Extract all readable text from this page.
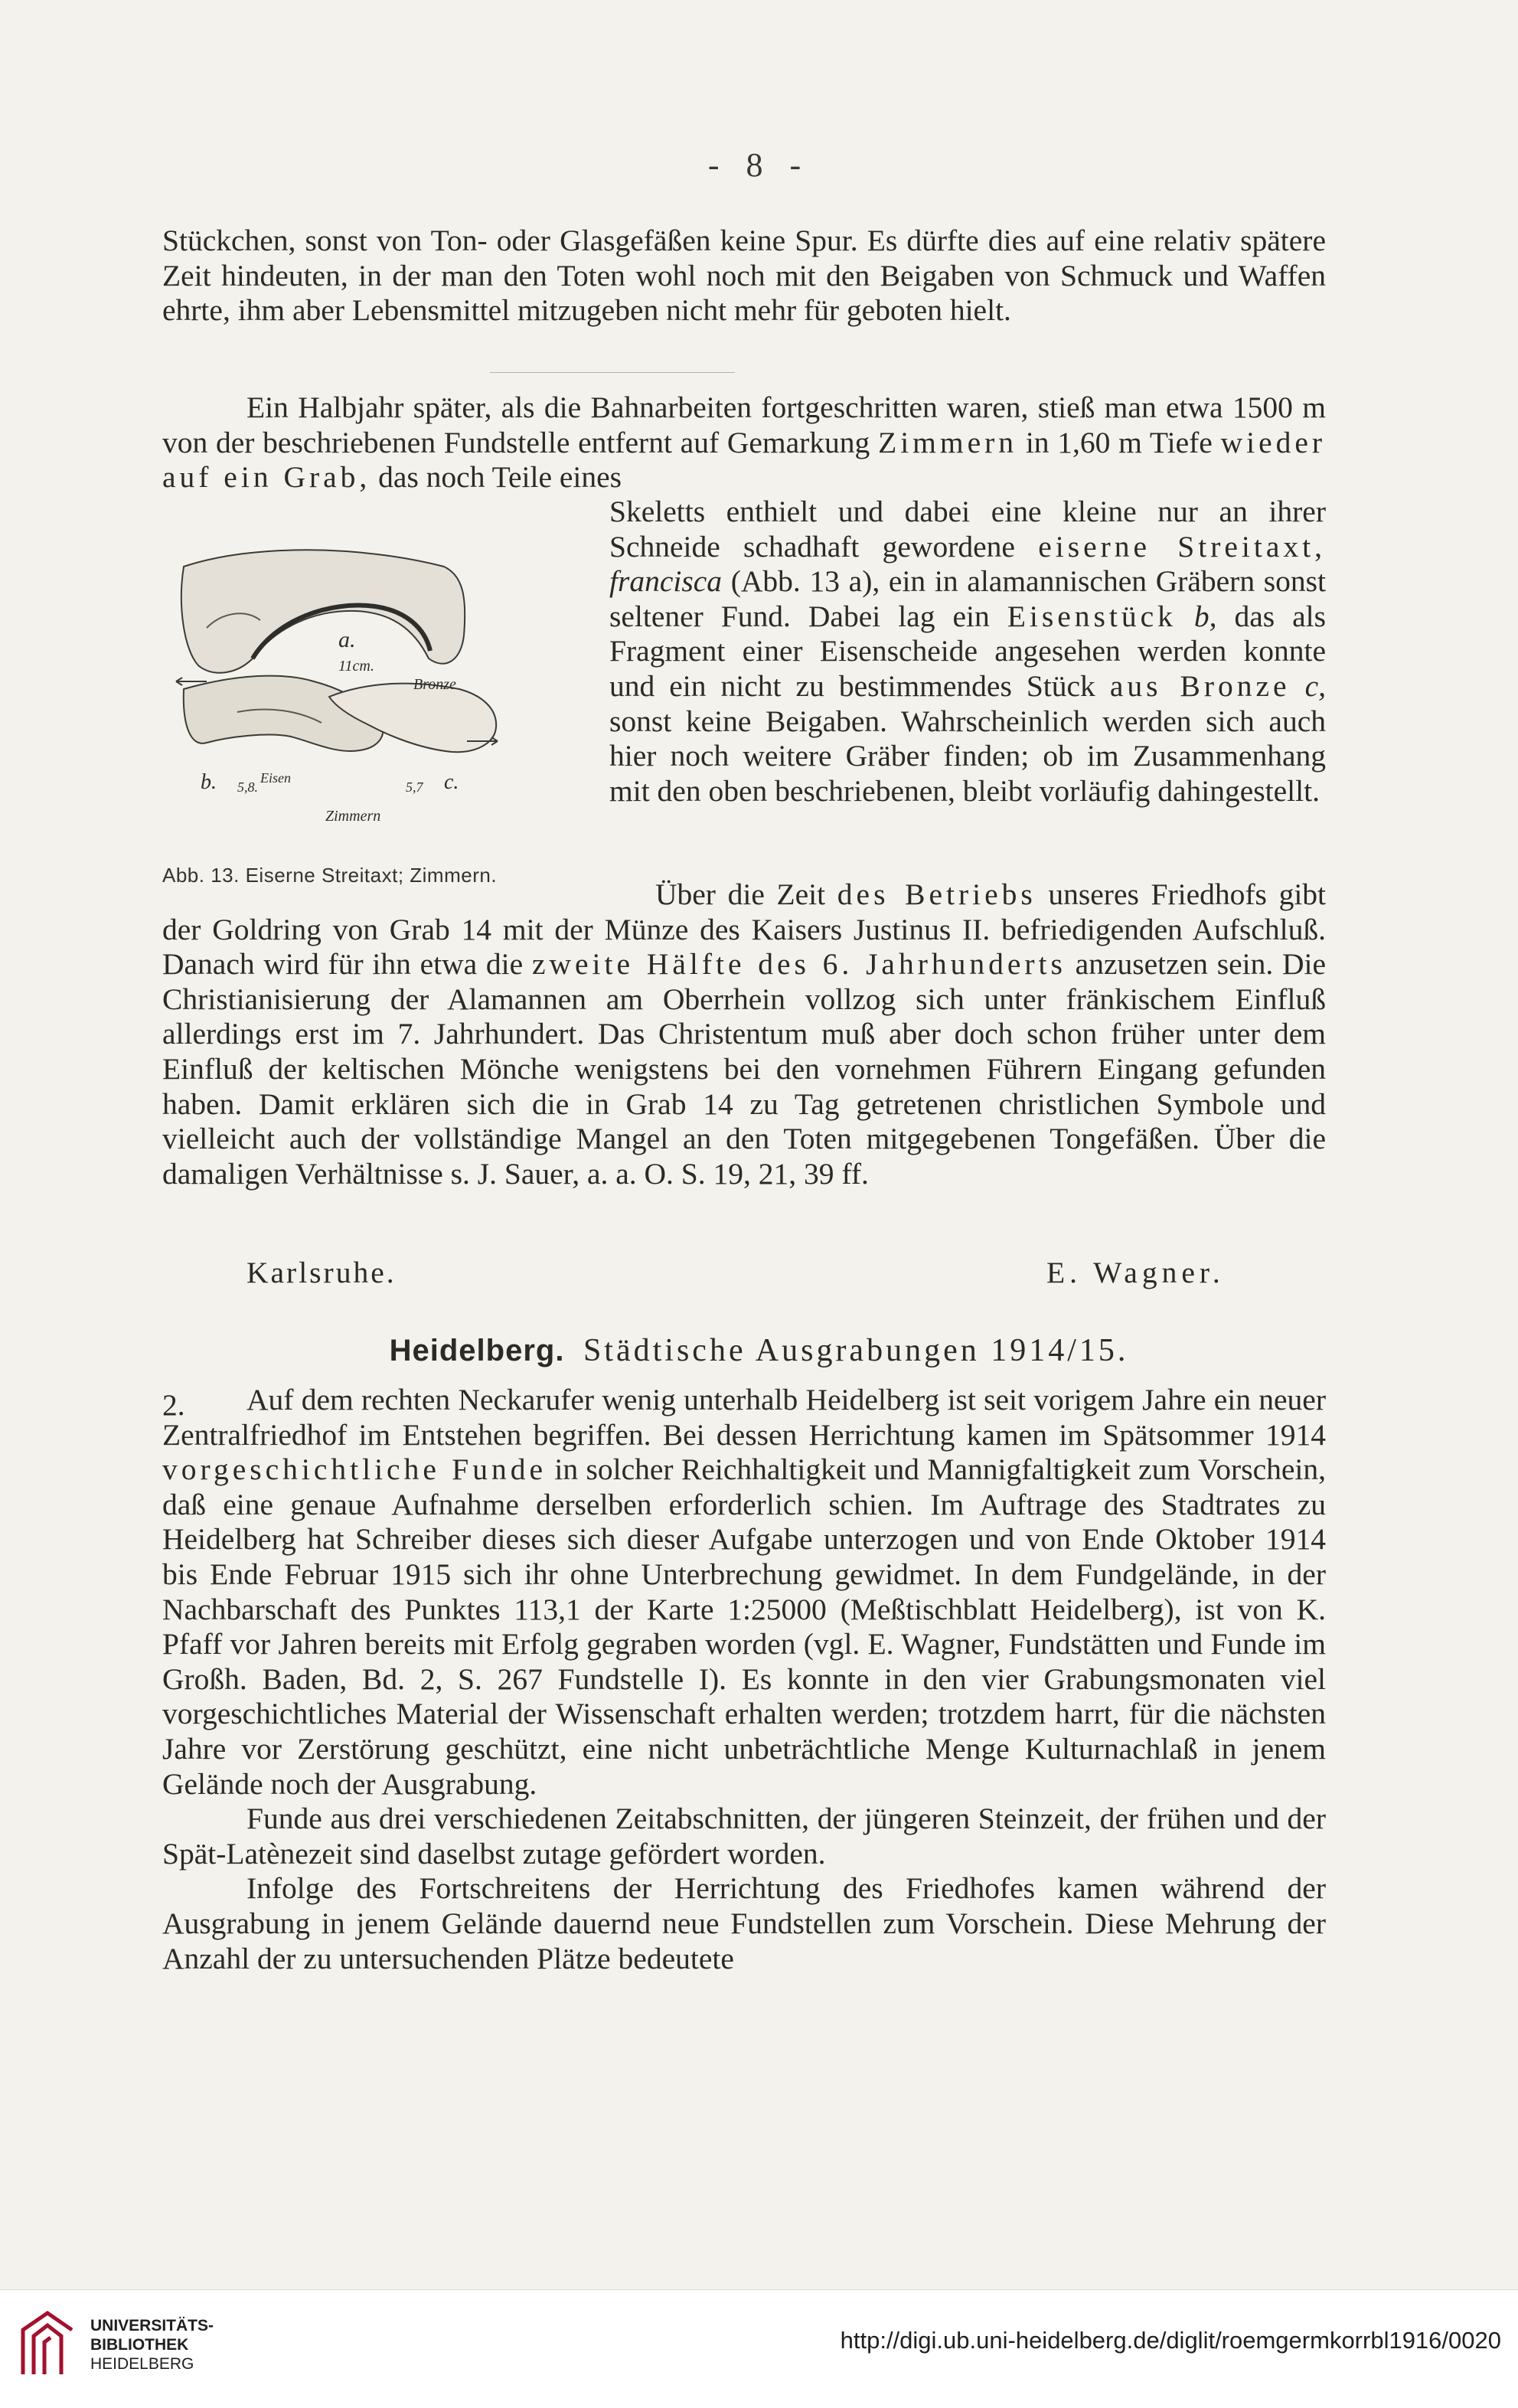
- 8 -

Stückchen, sonst von Ton- oder Glasgefäßen keine Spur. Es dürfte dies auf eine relativ spätere Zeit hindeuten, in der man den Toten wohl noch mit den Beigaben von Schmuck und Waffen ehrte, ihm aber Lebensmittel mitzugeben nicht mehr für geboten hielt.

Ein Halbjahr später, als die Bahnarbeiten fortgeschritten waren, stieß man etwa 1500 m von der beschriebenen Fundstelle entfernt auf Gemarkung Zimmern in 1,60 m Tiefe wieder auf ein Grab, das noch Teile eines

Skeletts enthielt und dabei eine kleine nur an ihrer Schneide schadhaft gewordene eiserne Streitaxt, francisca (Abb. 13 a), ein in alamannischen Gräbern sonst seltener Fund. Dabei lag ein Eisenstück b, das als Fragment einer Eisenscheide angesehen werden konnte und ein nicht zu bestimmendes Stück aus Bronze c, sonst keine Beigaben. Wahrscheinlich werden sich auch hier noch weitere Gräber finden; ob im Zusammenhang mit den oben beschriebenen, bleibt vorläufig dahingestellt.

a.
11cm.
b.	c.
Eisen
Bronze
5,8.	5,7
Zimmern
Abb. 13. Eiserne Streitaxt; Zimmern.

Über die Zeit des Betriebs unseres Friedhofs gibt der Goldring von Grab 14 mit der Münze des Kaisers Justinus II. befriedigenden Aufschluß. Danach wird für ihn etwa die zweite Hälfte des 6. Jahrhunderts anzusetzen sein. Die Christianisierung der Alamannen am Oberrhein vollzog sich unter fränkischem Einfluß allerdings erst im 7. Jahrhundert. Das Christentum muß aber doch schon früher unter dem Einfluß der keltischen Mönche wenigstens bei den vornehmen Führern Eingang gefunden haben. Damit erklären sich die in Grab 14 zu Tag getretenen christlichen Symbole und vielleicht auch der vollständige Mangel an den Toten mitgegebenen Tongefäßen. Über die damaligen Verhältnisse s. J. Sauer, a. a. O. S. 19, 21, 39 ff.

Karlsruhe.	E. Wagner.
Heidelberg. Städtische Ausgrabungen 1914/15.
2.	Auf dem rechten Neckarufer wenig unterhalb Heidelberg ist seit vorigem Jahre ein neuer Zentralfriedhof im Entstehen begriffen. Bei dessen Herrichtung kamen im Spätsommer 1914 vorgeschichtliche Funde in solcher Reichhaltigkeit und Mannigfaltigkeit zum Vorschein, daß eine genaue Aufnahme derselben erforderlich schien. Im Auftrage des Stadtrates zu Heidelberg hat Schreiber dieses sich dieser Aufgabe unterzogen und von Ende Oktober 1914 bis Ende Februar 1915 sich ihr ohne Unterbrechung gewidmet. In dem Fundgelände, in der Nachbarschaft des Punktes 113,1 der Karte 1:25000 (Meßtischblatt Heidelberg), ist von K. Pfaff vor Jahren bereits mit Erfolg gegraben worden (vgl. E. Wagner, Fundstätten und Funde im Großh. Baden, Bd. 2, S. 267 Fundstelle I). Es konnte in den vier Grabungsmonaten viel vorgeschichtliches Material der Wissenschaft erhalten werden; trotzdem harrt, für die nächsten Jahre vor Zerstörung geschützt, eine nicht unbeträchtliche Menge Kulturnachlaß in jenem Gelände noch der Ausgrabung.

Funde aus drei verschiedenen Zeitabschnitten, der jüngeren Steinzeit, der frühen und der Spät-Latènezeit sind daselbst zutage gefördert worden.

Infolge des Fortschreitens der Herrichtung des Friedhofes kamen während der Ausgrabung in jenem Gelände dauernd neue Fundstellen zum Vorschein. Diese Mehrung der Anzahl der zu untersuchenden Plätze bedeutete

UNIVERSITÄTS-
BIBLIOTHEK
HEIDELBERG
http://digi.ub.uni-heidelberg.de/diglit/roemgermkorrbl1916/0020
